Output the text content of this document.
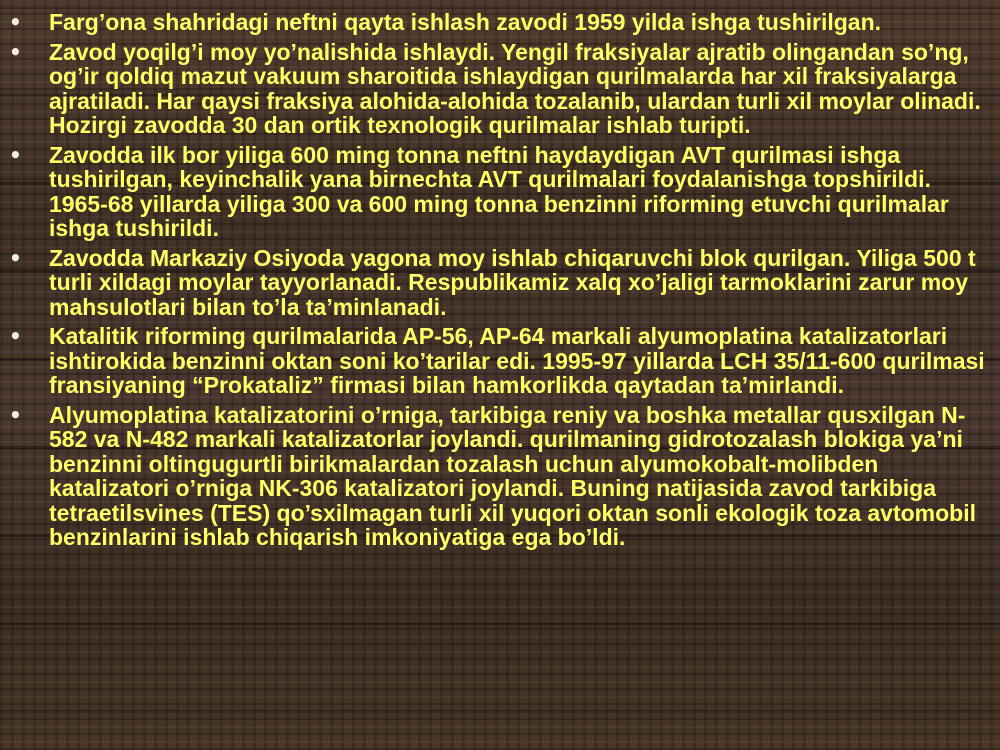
• Farg’ona shahridagi neftni qayta ishlash zavodi 1959 yilda ishga tushirilgan.
• Zavod yoqilg’i moy yo’nalishida ishlaydi. Yengil fraksiyalar ajratib olingandan so’ng, og’ir qoldiq mazut vakuum sharoitida ishlaydigan qurilmalarda har xil fraksiyalarga ajratiladi. Har qaysi fraksiya alohida-alohida tozalanib, ulardan turli xil moylar olinadi. Hozirgi zavodda 30 dan ortik texnologik qurilmalar ishlab turipti.
• Zavodda ilk bor yiliga 600 ming tonna neftni haydaydigan AVT qurilmasi ishga tushirilgan, keyinchalik yana birnechta AVT qurilmalari foydalanishga topshirildi. 1965-68 yillarda yiliga 300 va 600 ming tonna benzinni riforming etuvchi qurilmalar ishga tushirildi.
• Zavodda Markaziy Osiyoda yagona moy ishlab chiqaruvchi blok qurilgan. Yiliga 500 t turli xildagi moylar tayyorlanadi. Respublikamiz xalq xo’jaligi tarmoklarini zarur moy mahsulotlari bilan to’la ta’minlanadi.
• Katalitik riforming qurilmalarida AP-56, AP-64 markali alyumoplatina katalizatorlari ishtirokida benzinni oktan soni ko’tarilar edi. 1995-97 yillarda LCH 35/11-600 qurilmasi fransiyaning “Prokataliz” firmasi bilan hamkorlikda qaytadan ta’mirlandi.
• Alyumoplatina katalizatorini o’rniga, tarkibiga reniy va boshka metallar qusxilgan N-582 va N-482 markali katalizatorlar joylandi. qurilmaning gidrotozalash blokiga ya’ni benzinni oltingugurtli birikmalardan tozalash uchun alyumokobalt-molibden katalizatori o’rniga NK-306 katalizatori joylandi. Buning natijasida zavod tarkibiga tetraetilsvines (TES) qo’sxilmagan turli xil yuqori oktan sonli ekologik toza avtomobil benzinlarini ishlab chiqarish imkoniyatiga ega bo’ldi.
